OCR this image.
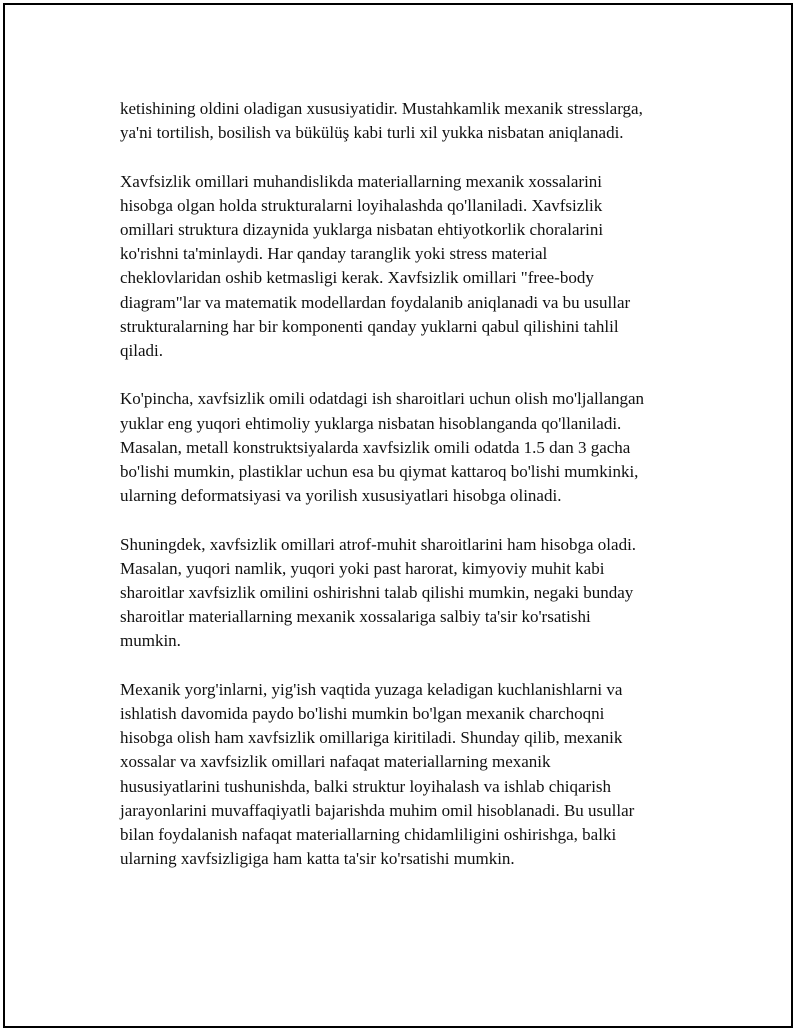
ketishining oldini oladigan xususiyatidir. Mustahkamlik mexanik stresslarga,
ya'ni tortilish, bosilish va bükülüş kabi turli xil yukka nisbatan aniqlanadi.

Xavfsizlik omillari muhandislikda materiallarning mexanik xossalarini
hisobga olgan holda strukturalarni loyihalashda qo'llaniladi. Xavfsizlik
omillari struktura dizaynida yuklarga nisbatan ehtiyotkorlik choralarini
ko'rishni ta'minlaydi. Har qanday taranglik yoki stress material
cheklovlaridan oshib ketmasligi kerak. Xavfsizlik omillari "free-body
diagram"lar va matematik modellardan foydalanib aniqlanadi va bu usullar
strukturalarning har bir komponenti qanday yuklarni qabul qilishini tahlil
qiladi.

Ko'pincha, xavfsizlik omili odatdagi ish sharoitlari uchun olish mo'ljallangan
yuklar eng yuqori ehtimoliy yuklarga nisbatan hisoblanganda qo'llaniladi.
Masalan, metall konstruktsiyalarda xavfsizlik omili odatda 1.5 dan 3 gacha
bo'lishi mumkin, plastiklar uchun esa bu qiymat kattaroq bo'lishi mumkinki,
ularning deformatsiyasi va yorilish xususiyatlari hisobga olinadi.

Shuningdek, xavfsizlik omillari atrof-muhit sharoitlarini ham hisobga oladi.
Masalan, yuqori namlik, yuqori yoki past harorat, kimyoviy muhit kabi
sharoitlar xavfsizlik omilini oshirishni talab qilishi mumkin, negaki bunday
sharoitlar materiallarning mexanik xossalariga salbiy ta'sir ko'rsatishi
mumkin.

Mexanik yorg'inlarni, yig'ish vaqtida yuzaga keladigan kuchlanishlarni va
ishlatish davomida paydo bo'lishi mumkin bo'lgan mexanik charchoqni
hisobga olish ham xavfsizlik omillariga kiritiladi. Shunday qilib, mexanik
xossalar va xavfsizlik omillari nafaqat materiallarning mexanik
hususiyatlarini tushunishda, balki struktur loyihalash va ishlab chiqarish
jarayonlarini muvaffaqiyatli bajarishda muhim omil hisoblanadi. Bu usullar
bilan foydalanish nafaqat materiallarning chidamliligini oshirishga, balki
ularning xavfsizligiga ham katta ta'sir ko'rsatishi mumkin.
